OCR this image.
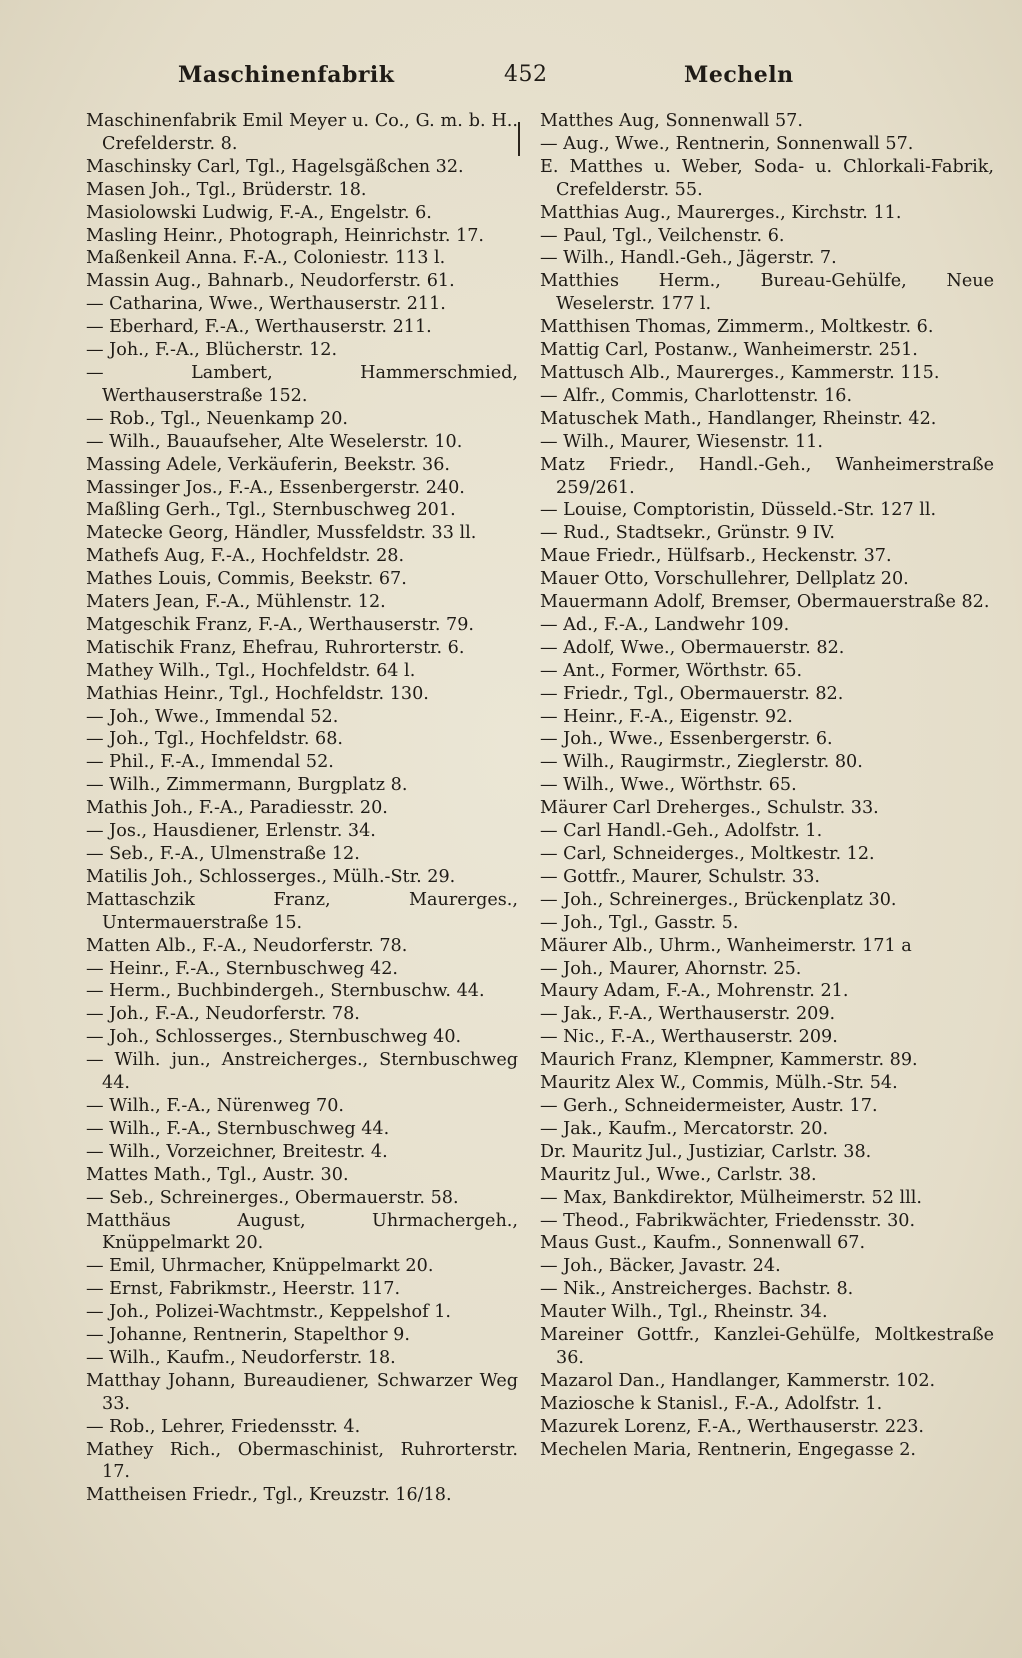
Maschinenfabrik	452	Mecheln

Maschinenfabrik Emil Meyer u. Co., G. m. b. H.. Crefelderstr. 8.

Maschinsky Carl, Tgl., Hagelsgäßchen 32.

Masen Joh., Tgl., Brüderstr. 18.

Masiolowski Ludwig, F.-A., Engelstr. 6.

Masling Heinr., Photograph, Heinrichstr. 17.

Maßenkeil Anna. F.-A., Coloniestr. 113 l.

Massin Aug., Bahnarb., Neudorferstr. 61.

— Catharina, Wwe., Werthauserstr. 211.

— Eberhard, F.-A., Werthauserstr. 211.

— Joh., F.-A., Blücherstr. 12.

— Lambert, Hammerschmied, Werthauserstraße 152.

— Rob., Tgl., Neuenkamp 20.

— Wilh., Bauaufseher, Alte Weselerstr. 10.

Massing Adele, Verkäuferin, Beekstr. 36.

Massinger Jos., F.-A., Essenbergerstr. 240.

Maßling Gerh., Tgl., Sternbuschweg 201.

Matecke Georg, Händler, Mussfeldstr. 33 ll.

Mathefs Aug, F.-A., Hochfeldstr. 28.

Mathes Louis, Commis, Beekstr. 67.

Maters Jean, F.-A., Mühlenstr. 12.

Matgeschik Franz, F.-A., Werthauserstr. 79.

Matischik Franz, Ehefrau, Ruhrorterstr. 6.

Mathey Wilh., Tgl., Hochfeldstr. 64 l.

Mathias Heinr., Tgl., Hochfeldstr. 130.

— Joh., Wwe., Immendal 52.

— Joh., Tgl., Hochfeldstr. 68.

— Phil., F.-A., Immendal 52.

— Wilh., Zimmermann, Burgplatz 8.

Mathis Joh., F.-A., Paradiesstr. 20.

— Jos., Hausdiener, Erlenstr. 34.

— Seb., F.-A., Ulmenstraße 12.

Matilis Joh., Schlosserges., Mülh.-Str. 29.

Mattaschzik Franz, Maurerges., Untermauerstraße 15.

Matten Alb., F.-A., Neudorferstr. 78.

— Heinr., F.-A., Sternbuschweg 42.

— Herm., Buchbindergeh., Sternbuschw. 44.

— Joh., F.-A., Neudorferstr. 78.

— Joh., Schlosserges., Sternbuschweg 40.

— Wilh. jun., Anstreicherges., Sternbuschweg 44.

— Wilh., F.-A., Nürenweg 70.

— Wilh., F.-A., Sternbuschweg 44.

— Wilh., Vorzeichner, Breitestr. 4.

Mattes Math., Tgl., Austr. 30.

— Seb., Schreinerges., Obermauerstr. 58.

Matthäus August, Uhrmachergeh., Knüppelmarkt 20.

— Emil, Uhrmacher, Knüppelmarkt 20.

— Ernst, Fabrikmstr., Heerstr. 117.

— Joh., Polizei-Wachtmstr., Keppelshof 1.

— Johanne, Rentnerin, Stapelthor 9.

— Wilh., Kaufm., Neudorferstr. 18.

Matthay Johann, Bureaudiener, Schwarzer Weg 33.

— Rob., Lehrer, Friedensstr. 4.

Mathey Rich., Obermaschinist, Ruhrorterstr. 17.

Mattheisen Friedr., Tgl., Kreuzstr. 16/18.

Matthes Aug, Sonnenwall 57.

— Aug., Wwe., Rentnerin, Sonnenwall 57.

E. Matthes u. Weber, Soda- u. Chlorkali-Fabrik, Crefelderstr. 55.

Matthias Aug., Maurerges., Kirchstr. 11.

— Paul, Tgl., Veilchenstr. 6.

— Wilh., Handl.-Geh., Jägerstr. 7.

Matthies Herm., Bureau-Gehülfe, Neue Weselerstr. 177 l.

Matthisen Thomas, Zimmerm., Moltkestr. 6.

Mattig Carl, Postanw., Wanheimerstr. 251.

Mattusch Alb., Maurerges., Kammerstr. 115.

— Alfr., Commis, Charlottenstr. 16.

Matuschek Math., Handlanger, Rheinstr. 42.

— Wilh., Maurer, Wiesenstr. 11.

Matz Friedr., Handl.-Geh., Wanheimerstraße 259/261.

— Louise, Comptoristin, Düsseld.-Str. 127 ll.

— Rud., Stadtsekr., Grünstr. 9 IV.

Maue Friedr., Hülfsarb., Heckenstr. 37.

Mauer Otto, Vorschullehrer, Dellplatz 20.

Mauermann Adolf, Bremser, Obermauerstraße 82.

— Ad., F.-A., Landwehr 109.

— Adolf, Wwe., Obermauerstr. 82.

— Ant., Former, Wörthstr. 65.

— Friedr., Tgl., Obermauerstr. 82.

— Heinr., F.-A., Eigenstr. 92.

— Joh., Wwe., Essenbergerstr. 6.

— Wilh., Raugirmstr., Zieglerstr. 80.

— Wilh., Wwe., Wörthstr. 65.

Mäurer Carl Dreherges., Schulstr. 33.

— Carl Handl.-Geh., Adolfstr. 1.

— Carl, Schneiderges., Moltkestr. 12.

— Gottfr., Maurer, Schulstr. 33.

— Joh., Schreinerges., Brückenplatz 30.

— Joh., Tgl., Gasstr. 5.

Mäurer Alb., Uhrm., Wanheimerstr. 171 a

— Joh., Maurer, Ahornstr. 25.

Maury Adam, F.-A., Mohrenstr. 21.

— Jak., F.-A., Werthauserstr. 209.

— Nic., F.-A., Werthauserstr. 209.

Maurich Franz, Klempner, Kammerstr. 89.

Mauritz Alex W., Commis, Mülh.-Str. 54.

— Gerh., Schneidermeister, Austr. 17.

— Jak., Kaufm., Mercatorstr. 20.

Dr. Mauritz Jul., Justiziar, Carlstr. 38.

Mauritz Jul., Wwe., Carlstr. 38.

— Max, Bankdirektor, Mülheimerstr. 52 lll.

— Theod., Fabrikwächter, Friedensstr. 30.

Maus Gust., Kaufm., Sonnenwall 67.

— Joh., Bäcker, Javastr. 24.

— Nik., Anstreicherges. Bachstr. 8.

Mauter Wilh., Tgl., Rheinstr. 34.

Mareiner Gottfr., Kanzlei-Gehülfe, Moltkestraße 36.

Mazarol Dan., Handlanger, Kammerstr. 102.

Maziosche k Stanisl., F.-A., Adolfstr. 1.

Mazurek Lorenz, F.-A., Werthauserstr. 223.

Mechelen Maria, Rentnerin, Engegasse 2.
